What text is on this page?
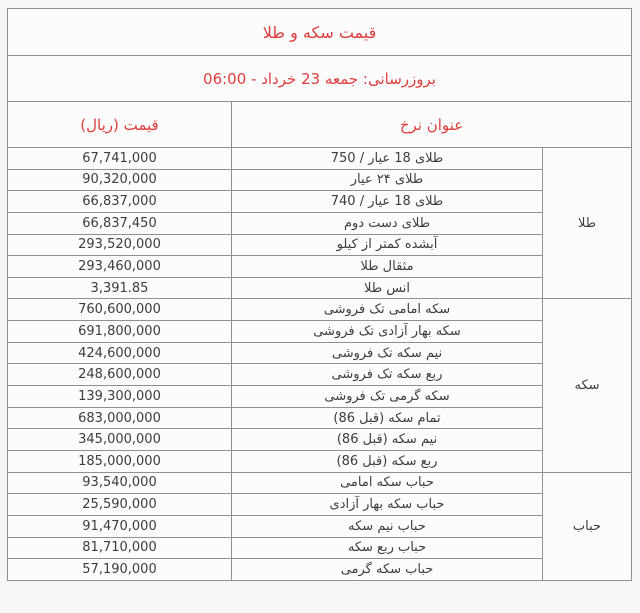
قیمت سکه و طلا		
بروزرسانی: جمعه 23 خرداد - 06:00		
عنوان نرخ		قیمت (ریال)
طلا	طلای 18 عیار / 750	67,741,000
	طلای ۲۴ عیار	90,320,000
	طلای 18 عیار / 740	66,837,000
	طلای دست دوم	66,837,450
	آبشده کمتر از کیلو	293,520,000
	مثقال طلا	293,460,000
	انس طلا	3,391.85
سکه	سکه امامی تک فروشی	760,600,000
	سکه بهار آزادی تک فروشی	691,800,000
	نیم سکه تک فروشی	424,600,000
	ربع سکه تک فروشی	248,600,000
	سکه گرمی تک فروشی	139,300,000
	تمام سکه (قبل 86)	683,000,000
	نیم سکه (قبل 86)	345,000,000
	ربع سکه (قبل 86)	185,000,000
حباب	حباب سکه امامی	93,540,000
	حباب سکه بهار آزادی	25,590,000
	حباب نیم سکه	91,470,000
	حباب ربع سکه	81,710,000
	حباب سکه گرمی	57,190,000
